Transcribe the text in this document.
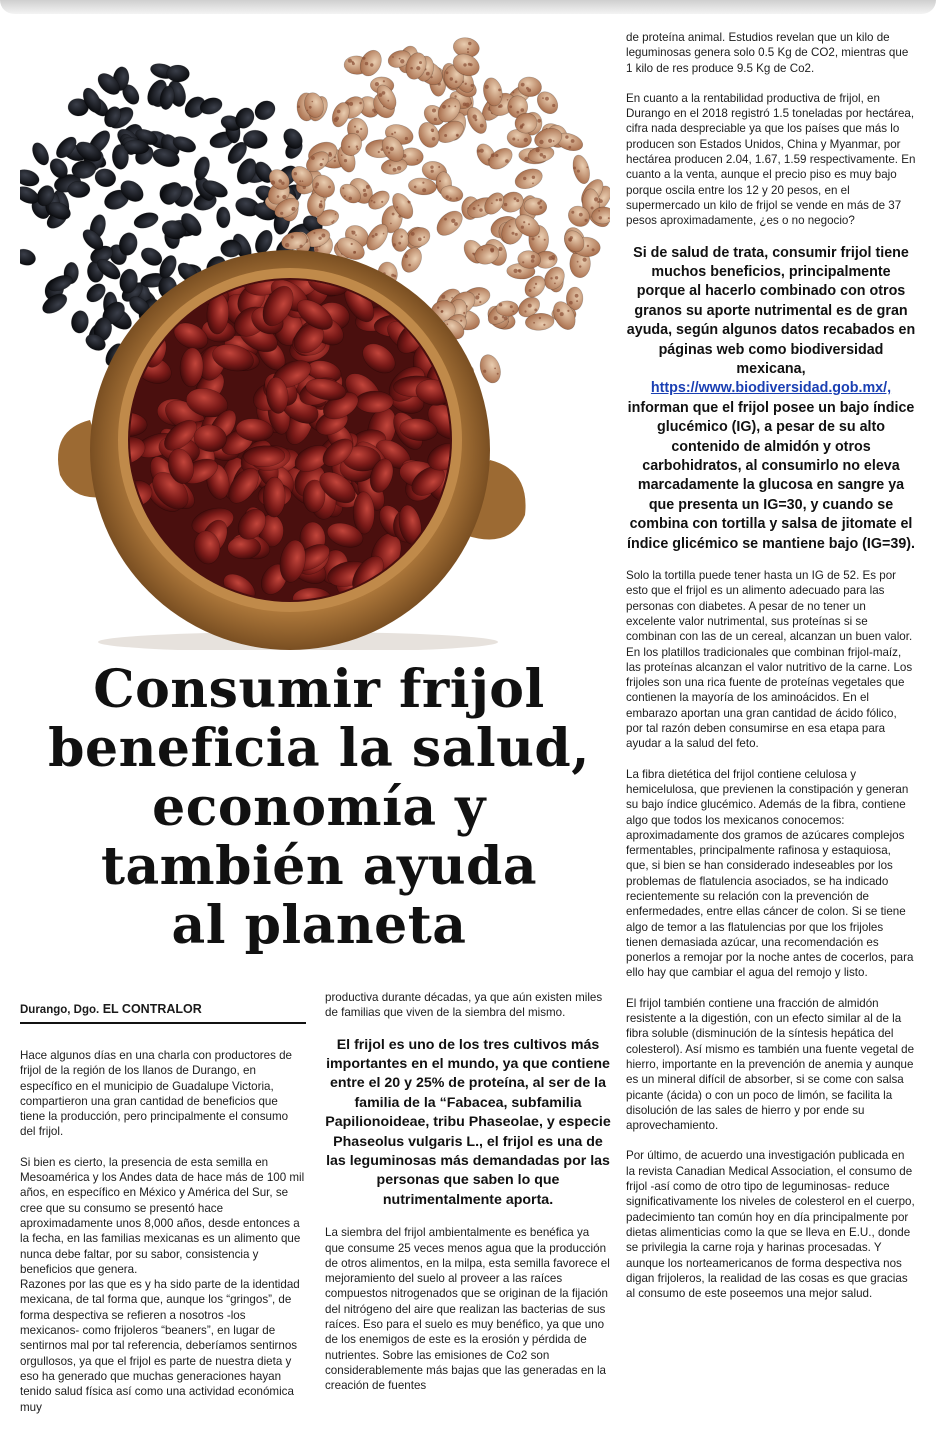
Consumir frijol
beneficia la salud,
economía y
también ayuda
al planeta
Durango, Dgo. EL CONTRALOR

Hace algunos días en una charla con productores de frijol de la región de los llanos de Durango, en específico en el municipio de Guadalupe Victoria, compartieron una gran cantidad de beneficios que tiene la producción, pero principalmente el consumo del frijol.

Si bien es cierto, la presencia de esta semilla en Mesoamérica y los Andes data de hace más de 100 mil años, en específico en México y América del Sur, se cree que su consumo se presentó hace aproximadamente unos 8,000 años, desde entonces a la fecha, en las familias mexicanas es un alimento que nunca debe faltar, por su sabor, consistencia y beneficios que genera.

Razones por las que es y ha sido parte de la identidad mexicana, de tal forma que, aunque los “gringos”, de forma despectiva se refieren a nosotros -los mexicanos- como frijoleros “beaners”, en lugar de sentirnos mal por tal referencia, deberíamos sentirnos orgullosos, ya que el frijol es parte de nuestra dieta y eso ha generado que muchas generaciones hayan tenido salud física así como una actividad económica muy

productiva durante décadas, ya que aún existen miles de familias que viven de la siembra del mismo.

El frijol es uno de los tres cultivos más importantes en el mundo, ya que contiene entre el 20 y 25% de proteína, al ser de la familia de la “Fabacea, subfamilia Papilionoideae, tribu Phaseolae, y especie Phaseolus vulgaris L., el frijol es una de las leguminosas más demandadas por las personas que saben lo que nutrimentalmente aporta.

La siembra del frijol ambientalmente es benéfica ya que consume 25 veces menos agua que la producción de otros alimentos, en la milpa, esta semilla favorece el mejoramiento del suelo al proveer a las raíces compuestos nitrogenados que se originan de la fijación del nitrógeno del aire que realizan las bacterias de sus raíces. Eso para el suelo es muy benéfico, ya que uno de los enemigos de este es la erosión y pérdida de nutrientes. Sobre las emisiones de Co2 son considerablemente más bajas que las generadas en la creación de fuentes

de proteína animal. Estudios revelan que un kilo de leguminosas genera solo 0.5 Kg de CO2, mientras que 1 kilo de res produce 9.5 Kg de Co2.

En cuanto a la rentabilidad productiva de frijol, en Durango en el 2018 registró 1.5 toneladas por hectárea, cifra nada despreciable ya que los países que más lo producen son Estados Unidos, China y Myanmar, por hectárea producen 2.04, 1.67, 1.59 respectivamente. En cuanto a la venta, aunque el precio piso es muy bajo porque oscila entre los 12 y 20 pesos, en el supermercado un kilo de frijol se vende en más de 37 pesos aproximadamente, ¿es o no negocio?

Si de salud de trata, consumir frijol tiene muchos beneficios, principalmente porque al hacerlo combinado con otros granos su aporte nutrimental es de gran ayuda, según algunos datos recabados en páginas web como biodiversidad mexicana, https://www.biodiversidad.gob.mx/, informan que el frijol posee un bajo índice glucémico (IG), a pesar de su alto contenido de almidón y otros carbohidratos, al consumirlo no eleva marcadamente la glucosa en sangre ya que presenta un IG=30, y cuando se combina con tortilla y salsa de jitomate el índice glicémico se mantiene bajo (IG=39).

Solo la tortilla puede tener hasta un IG de 52. Es por esto que el frijol es un alimento adecuado para las personas con diabetes. A pesar de no tener un excelente valor nutrimental, sus proteínas si se combinan con las de un cereal, alcanzan un buen valor. En los platillos tradicionales que combinan frijol-maíz, las proteínas alcanzan el valor nutritivo de la carne. Los frijoles son una rica fuente de proteínas vegetales que contienen la mayoría de los aminoácidos. En el embarazo aportan una gran cantidad de ácido fólico, por tal razón deben consumirse en esa etapa para ayudar a la salud del feto.

La fibra dietética del frijol contiene celulosa y hemicelulosa, que previenen la constipación y generan su bajo índice glucémico. Además de la fibra, contiene algo que todos los mexicanos conocemos: aproximadamente dos gramos de azúcares complejos fermentables, principalmente rafinosa y estaquiosa, que, si bien se han considerado indeseables por los problemas de flatulencia asociados, se ha indicado recientemente su relación con la prevención de enfermedades, entre ellas cáncer de colon. Si se tiene algo de temor a las flatulencias por que los frijoles tienen demasiada azúcar, una recomendación es ponerlos a remojar por la noche antes de cocerlos, para ello hay que cambiar el agua del remojo y listo.

El frijol también contiene una fracción de almidón resistente a la digestión, con un efecto similar al de la fibra soluble (disminución de la síntesis hepática del colesterol). Así mismo es también una fuente vegetal de hierro, importante en la prevención de anemia y aunque es un mineral difícil de absorber, si se come con salsa picante (ácida) o con un poco de limón, se facilita la disolución de las sales de hierro y por ende su aprovechamiento.

Por último, de acuerdo una investigación publicada en la revista Canadian Medical Association, el consumo de frijol -así como de otro tipo de leguminosas- reduce significativamente los niveles de colesterol en el cuerpo, padecimiento tan común hoy en día principalmente por dietas alimenticias como la que se lleva en E.U., donde se privilegia la carne roja y harinas procesadas. Y aunque los norteamericanos de forma despectiva nos digan frijoleros, la realidad de las cosas es que gracias al consumo de este poseemos una mejor salud.
